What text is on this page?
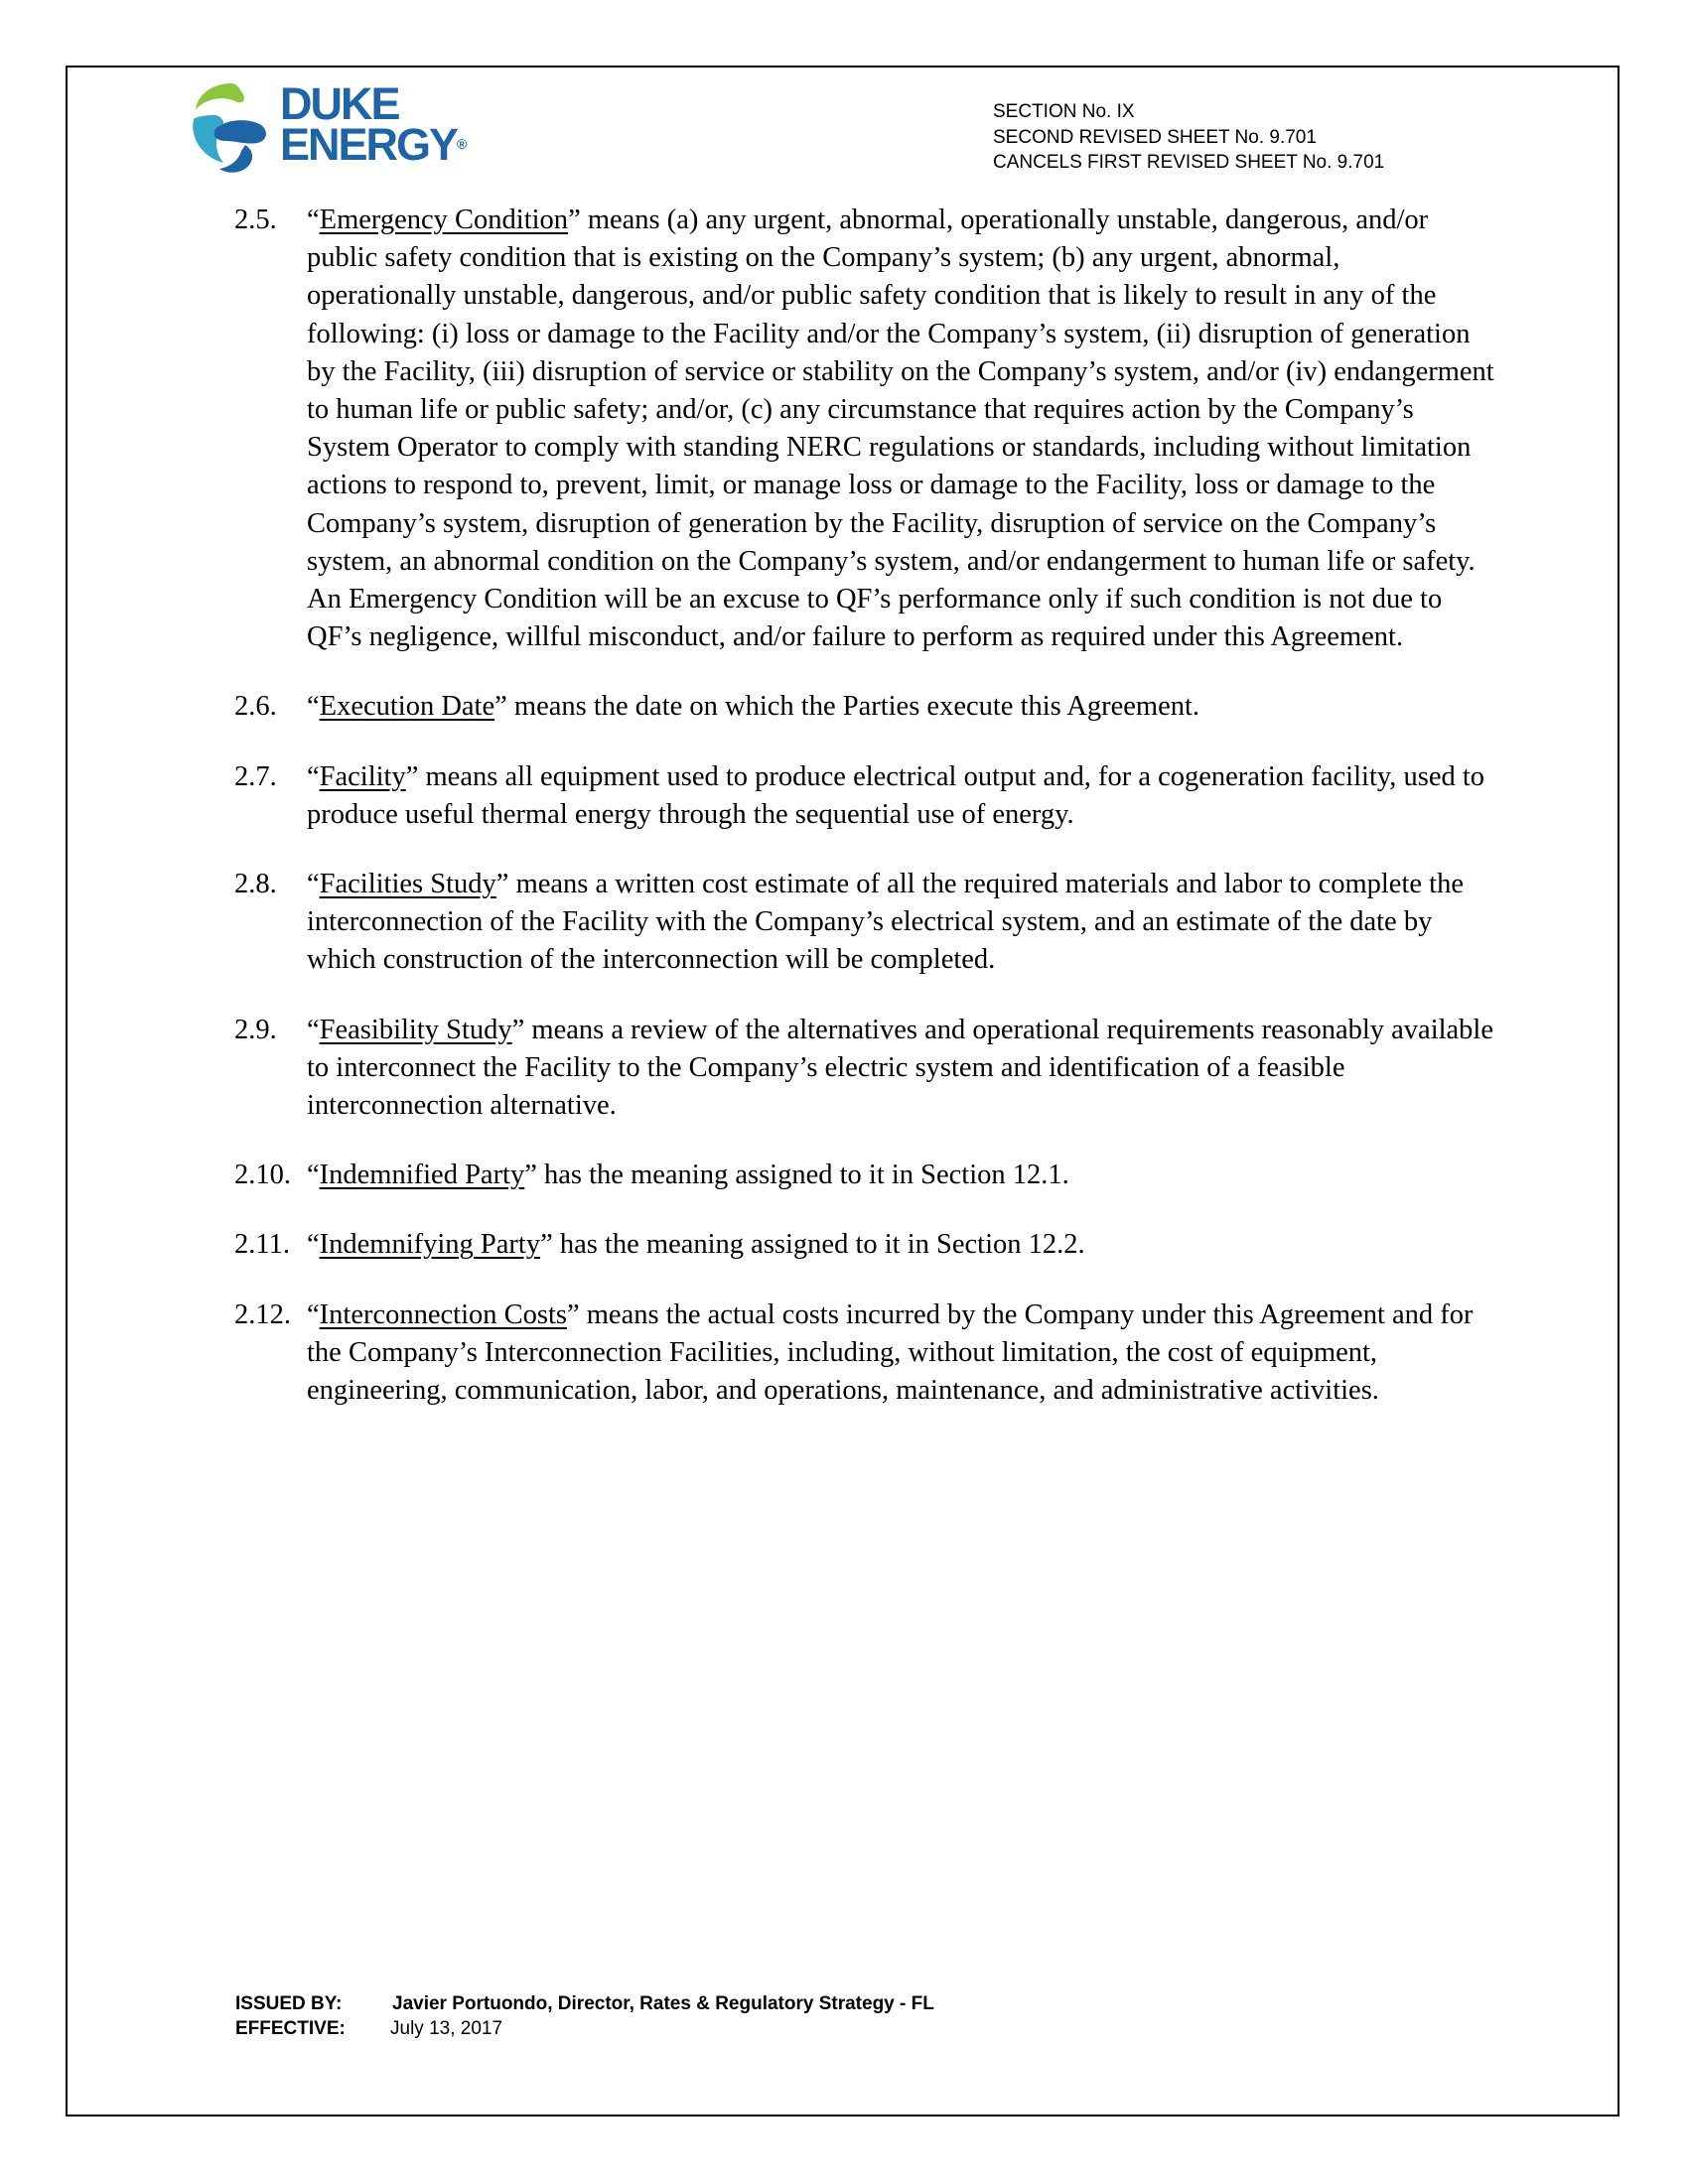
DUKE
ENERGY®
SECTION No. IX
SECOND REVISED SHEET No. 9.701
CANCELS FIRST REVISED SHEET No. 9.701
2.5. “Emergency Condition” means (a) any urgent, abnormal, operationally unstable, dangerous, and/or public safety condition that is existing on the Company’s system; (b) any urgent, abnormal, operationally unstable, dangerous, and/or public safety condition that is likely to result in any of the following: (i) loss or damage to the Facility and/or the Company’s system, (ii) disruption of generation by the Facility, (iii) disruption of service or stability on the Company’s system, and/or (iv) endangerment to human life or public safety; and/or, (c) any circumstance that requires action by the Company’s System Operator to comply with standing NERC regulations or standards, including without limitation actions to respond to, prevent, limit, or manage loss or damage to the Facility, loss or damage to the Company’s system, disruption of generation by the Facility, disruption of service on the Company’s system, an abnormal condition on the Company’s system, and/or endangerment to human life or safety. An Emergency Condition will be an excuse to QF’s performance only if such condition is not due to QF’s negligence, willful misconduct, and/or failure to perform as required under this Agreement.
2.6. “Execution Date” means the date on which the Parties execute this Agreement.
2.7. “Facility” means all equipment used to produce electrical output and, for a cogeneration facility, used to produce useful thermal energy through the sequential use of energy.
2.8. “Facilities Study” means a written cost estimate of all the required materials and labor to complete the interconnection of the Facility with the Company’s electrical system, and an estimate of the date by which construction of the interconnection will be completed.
2.9. “Feasibility Study” means a review of the alternatives and operational requirements reasonably available to interconnect the Facility to the Company’s electric system and identification of a feasible interconnection alternative.
2.10. “Indemnified Party” has the meaning assigned to it in Section 12.1.
2.11. “Indemnifying Party” has the meaning assigned to it in Section 12.2.
2.12. “Interconnection Costs” means the actual costs incurred by the Company under this Agreement and for the Company’s Interconnection Facilities, including, without limitation, the cost of equipment, engineering, communication, labor, and operations, maintenance, and administrative activities.
ISSUED BY:	Javier Portuondo, Director, Rates & Regulatory Strategy - FL
EFFECTIVE:	July 13, 2017
